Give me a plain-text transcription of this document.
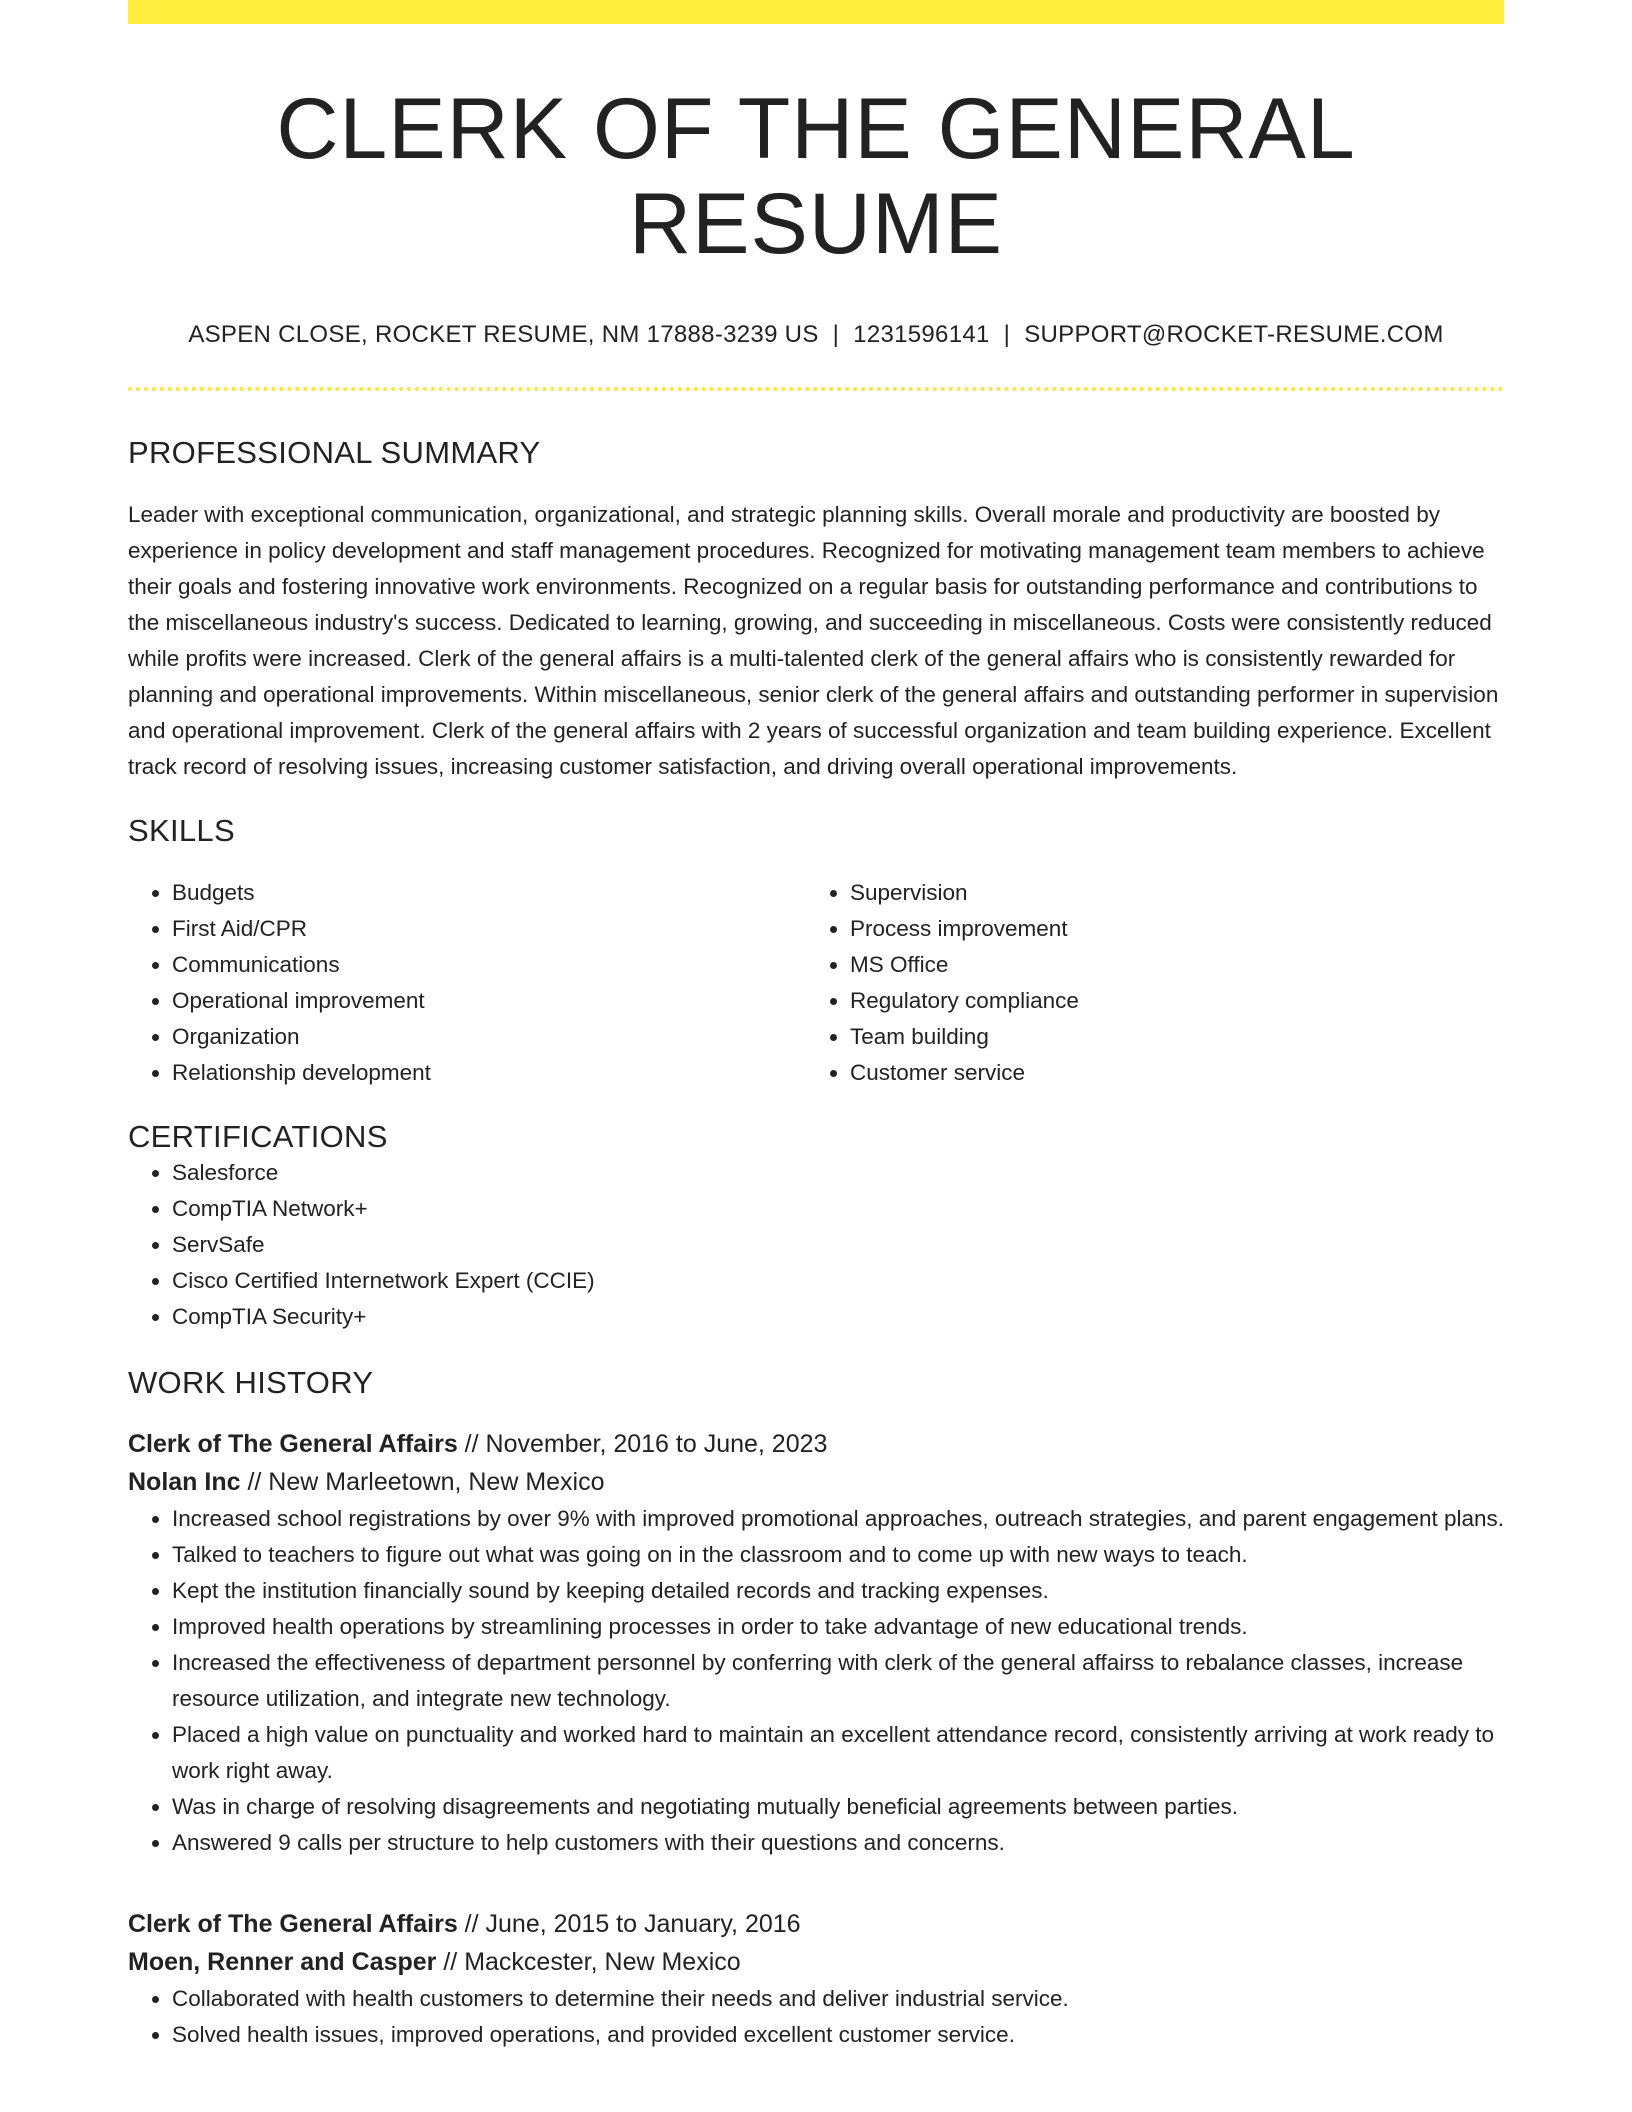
CLERK OF THE GENERAL RESUME
ASPEN CLOSE, ROCKET RESUME, NM 17888-3239 US | 1231596141 | SUPPORT@ROCKET-RESUME.COM
PROFESSIONAL SUMMARY

Leader with exceptional communication, organizational, and strategic planning skills. Overall morale and productivity are boosted by experience in policy development and staff management procedures. Recognized for motivating management team members to achieve their goals and fostering innovative work environments. Recognized on a regular basis for outstanding performance and contributions to the miscellaneous industry's success. Dedicated to learning, growing, and succeeding in miscellaneous. Costs were consistently reduced while profits were increased. Clerk of the general affairs is a multi-talented clerk of the general affairs who is consistently rewarded for planning and operational improvements. Within miscellaneous, senior clerk of the general affairs and outstanding performer in supervision and operational improvement. Clerk of the general affairs with 2 years of successful organization and team building experience. Excellent track record of resolving issues, increasing customer satisfaction, and driving overall operational improvements.

SKILLS
• Budgets
• First Aid/CPR
• Communications
• Operational improvement
• Organization
• Relationship development
• Supervision
• Process improvement
• MS Office
• Regulatory compliance
• Team building
• Customer service
CERTIFICATIONS
• Salesforce
• CompTIA Network+
• ServSafe
• Cisco Certified Internetwork Expert (CCIE)
• CompTIA Security+
WORK HISTORY
Clerk of The General Affairs // November, 2016 to June, 2023
Nolan Inc // New Marleetown, New Mexico
• Increased school registrations by over 9% with improved promotional approaches, outreach strategies, and parent engagement plans.
• Talked to teachers to figure out what was going on in the classroom and to come up with new ways to teach.
• Kept the institution financially sound by keeping detailed records and tracking expenses.
• Improved health operations by streamlining processes in order to take advantage of new educational trends.
• Increased the effectiveness of department personnel by conferring with clerk of the general affairss to rebalance classes, increase resource utilization, and integrate new technology.
• Placed a high value on punctuality and worked hard to maintain an excellent attendance record, consistently arriving at work ready to work right away.
• Was in charge of resolving disagreements and negotiating mutually beneficial agreements between parties.
• Answered 9 calls per structure to help customers with their questions and concerns.
Clerk of The General Affairs // June, 2015 to January, 2016
Moen, Renner and Casper // Mackcester, New Mexico
• Collaborated with health customers to determine their needs and deliver industrial service.
• Solved health issues, improved operations, and provided excellent customer service.
